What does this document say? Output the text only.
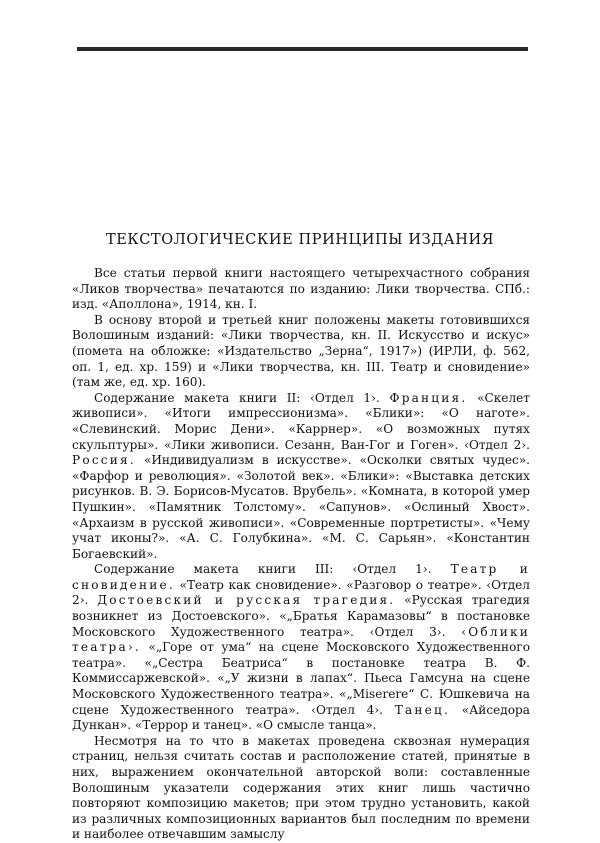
ТЕКСТОЛОГИЧЕСКИЕ ПРИНЦИПЫ ИЗДАНИЯ

Все статьи первой книги настоящего четырехчастного собрания «Ликов творчества» печатаются по изданию: Лики творчества. СПб.: изд. «Аполлона», 1914, кн. I.

В основу второй и третьей книг положены макеты готовившихся Волошиным изданий: «Лики творчества, кн. II. Искусство и искус» (помета на обложке: «Издательство „Зерна“, 1917») (ИРЛИ, ф. 562, оп. 1, ед. хр. 159) и «Лики творчества, кн. III. Театр и сновидение» (там же, ед. хр. 160).

Содержание макета книги II: ‹Отдел 1›. Франция. «Скелет живописи». «Итоги импрессионизма». «Блики»: «О наготе». «Слевинский. Морис Дени». «Каррнер». «О возможных путях скульптуры». «Лики живописи. Сезанн, Ван-Гог и Гоген». ‹Отдел 2›. Россия. «Индивидуализм в искусстве». «Осколки святых чудес». «Фарфор и революция». «Золотой век». «Блики»: «Выставка детских рисунков. В. Э. Борисов-Мусатов. Врубель». «Комната, в которой умер Пушкин». «Памятник Толстому». «Сапунов». «Ослиный Хвост». «Архаизм в русской живописи». «Современные портретисты». «Чему учат иконы?». «А. С. Голубкина». «М. С. Сарьян». «Константин Богаевский».

Содержание макета книги III: ‹Отдел 1›. Театр и сновидение. «Театр как сновидение». «Разговор о театре». ‹Отдел 2›. Достоевский и русская трагедия. «Русская трагедия возникнет из Достоевского». «„Братья Карамазовы“ в постановке Московского Художественного театра». ‹Отдел 3›. ‹Облики театра›. «„Горе от ума“ на сцене Московского Художественного театра». «„Сестра Беатриса“ в постановке театра В. Ф. Коммиссаржевской». «„У жизни в лапах“. Пьеса Гамсуна на сцене Московского Художественного театра». «„Miserere“ С. Юшкевича на сцене Художественного театра». ‹Отдел 4›. Танец. «Айседора Дункан». «Террор и танец». «О смысле танца».

Несмотря на то что в макетах проведена сквозная нумерация страниц, нельзя считать состав и расположение статей, принятые в них, выражением окончательной авторской воли: составленные Волошиным указатели содержания этих книг лишь частично повторяют композицию макетов; при этом трудно установить, какой из различных композиционных вариантов был последним по времени и наиболее отвечавшим замыслу
